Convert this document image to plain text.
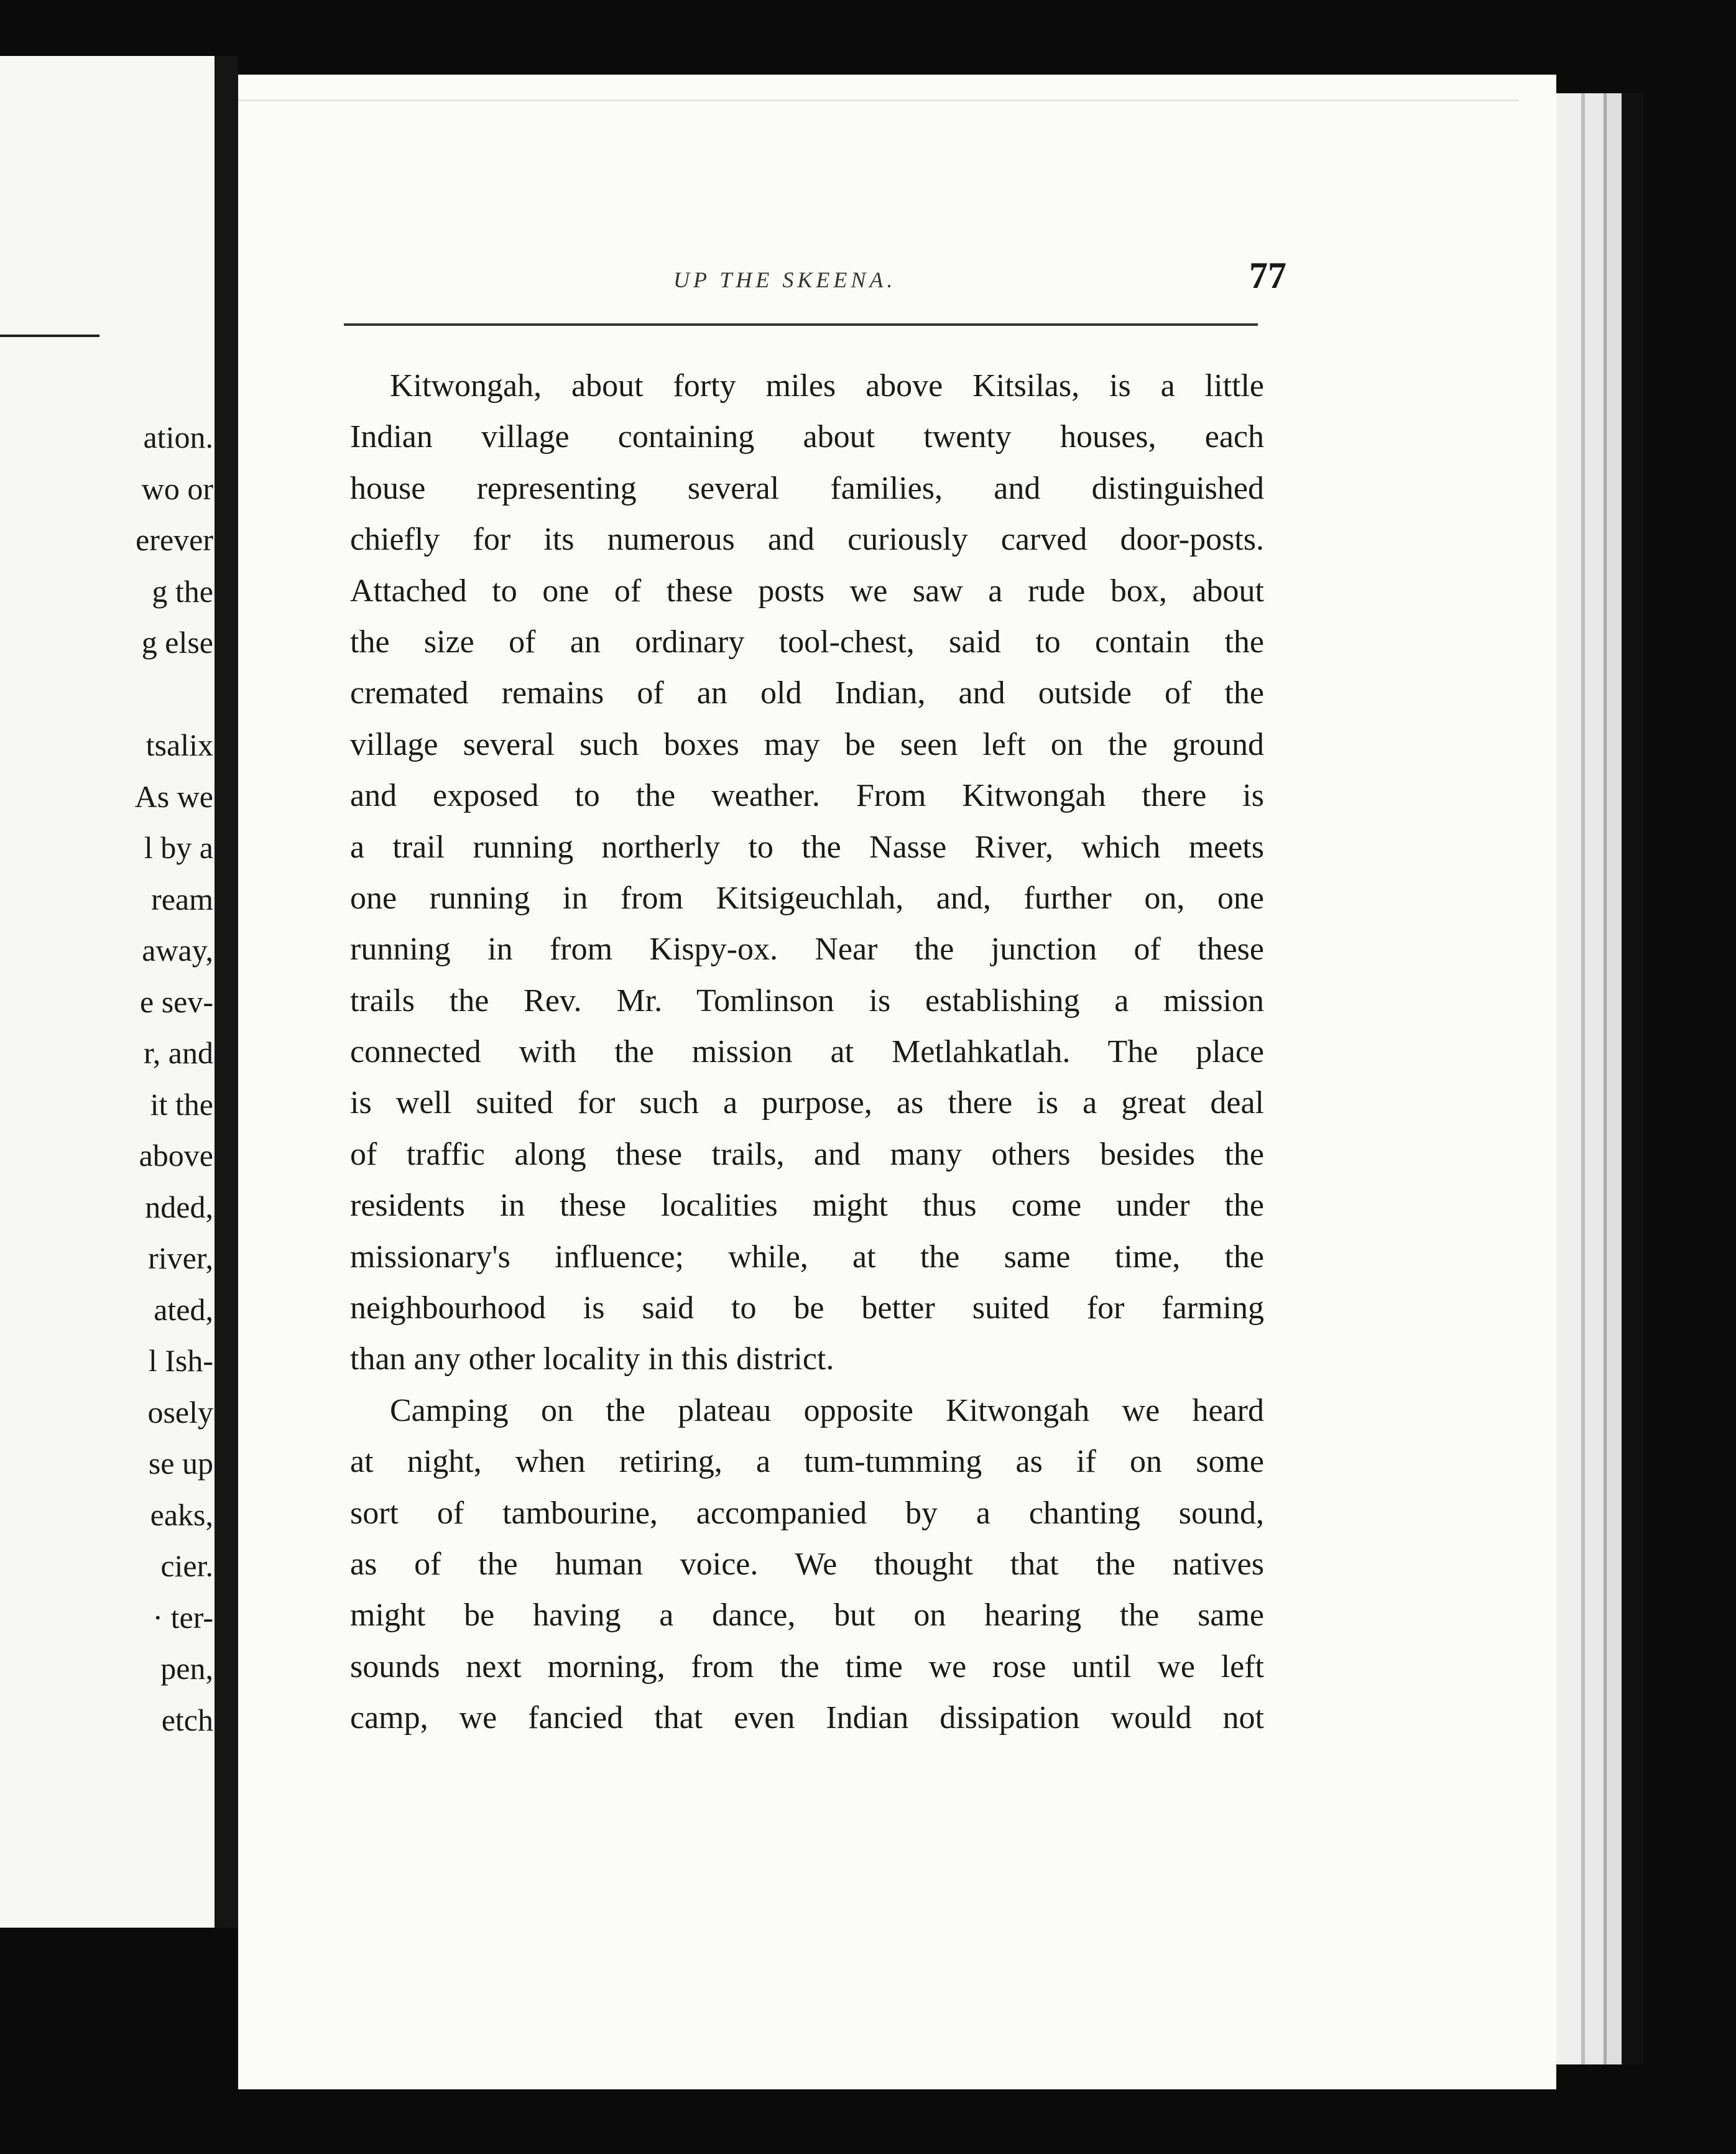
ation.
wo or
erever
g the
g else
tsalix
As we
l by a
ream
away,
e sev-
r, and
it the
above
nded,
river,
ated,
l Ish-
osely
se up
eaks,
cier.
· ter-
pen,
etch
UP THE SKEENA.	77
Kitwongah, about forty miles above Kitsilas, is a little
Indian village containing about twenty houses, each
house representing several families, and distinguished
chiefly for its numerous and curiously carved door-posts.
Attached to one of these posts we saw a rude box, about
the size of an ordinary tool-chest, said to contain the
cremated remains of an old Indian, and outside of the
village several such boxes may be seen left on the ground
and exposed to the weather. From Kitwongah there is
a trail running northerly to the Nasse River, which meets
one running in from Kitsigeuchlah, and, further on, one
running in from Kispy-ox. Near the junction of these
trails the Rev. Mr. Tomlinson is establishing a mission
connected with the mission at Metlahkatlah. The place
is well suited for such a purpose, as there is a great deal
of traffic along these trails, and many others besides the
residents in these localities might thus come under the
missionary's influence; while, at the same time, the
neighbourhood is said to be better suited for farming
than any other locality in this district.
Camping on the plateau opposite Kitwongah we heard
at night, when retiring, a tum-tumming as if on some
sort of tambourine, accompanied by a chanting sound,
as of the human voice. We thought that the natives
might be having a dance, but on hearing the same
sounds next morning, from the time we rose until we left
camp, we fancied that even Indian dissipation would not
